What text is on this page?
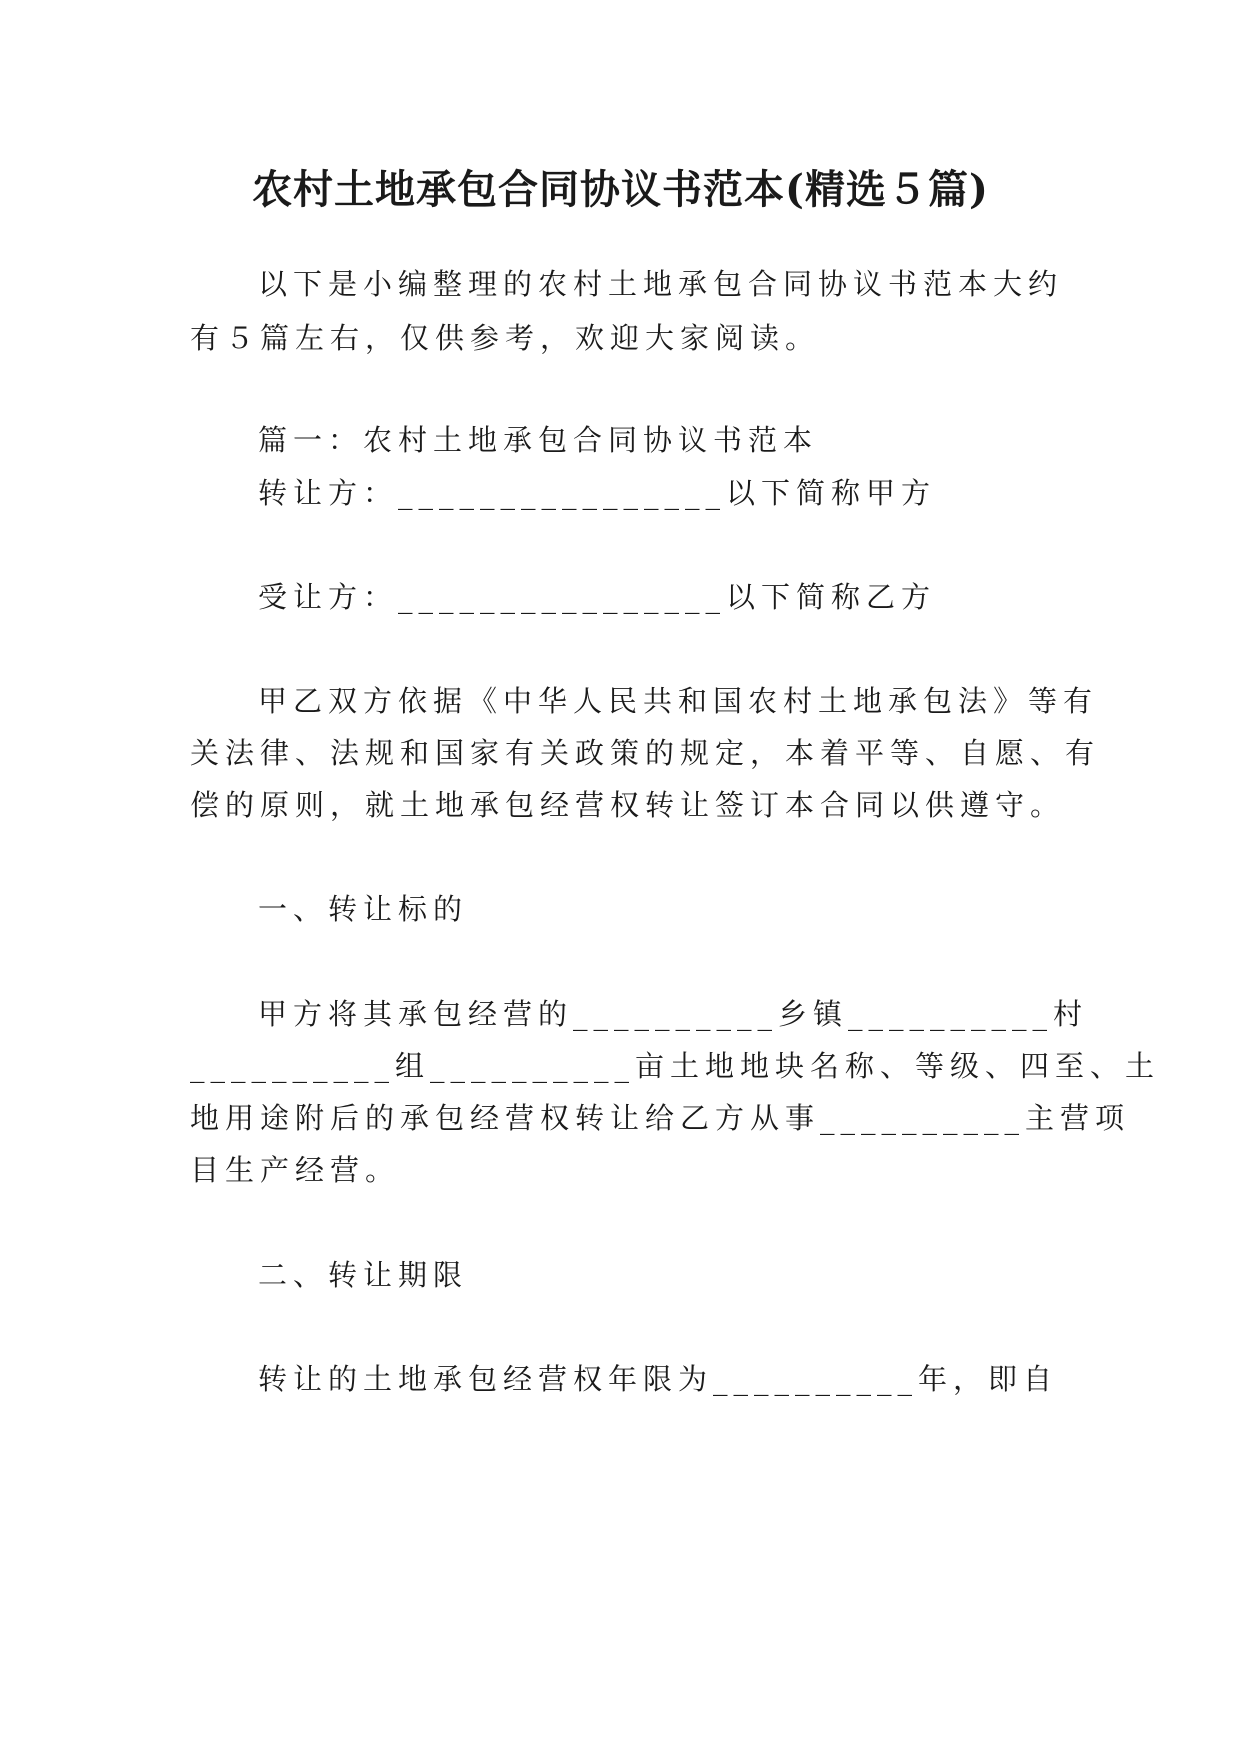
农村土地承包合同协议书范本(精选５篇)
以下是小编整理的农村土地承包合同协议书范本大约
有５篇左右，仅供参考，欢迎大家阅读。
篇一：农村土地承包合同协议书范本
转让方：________________以下简称甲方
受让方：________________以下简称乙方
甲乙双方依据《中华人民共和国农村土地承包法》等有
关法律、法规和国家有关政策的规定，本着平等、自愿、有
偿的原则，就土地承包经营权转让签订本合同以供遵守。
一、转让标的
甲方将其承包经营的__________乡镇__________村
__________组__________亩土地地块名称、等级、四至、土
地用途附后的承包经营权转让给乙方从事__________主营项
目生产经营。
二、转让期限
转让的土地承包经营权年限为__________年，即自
